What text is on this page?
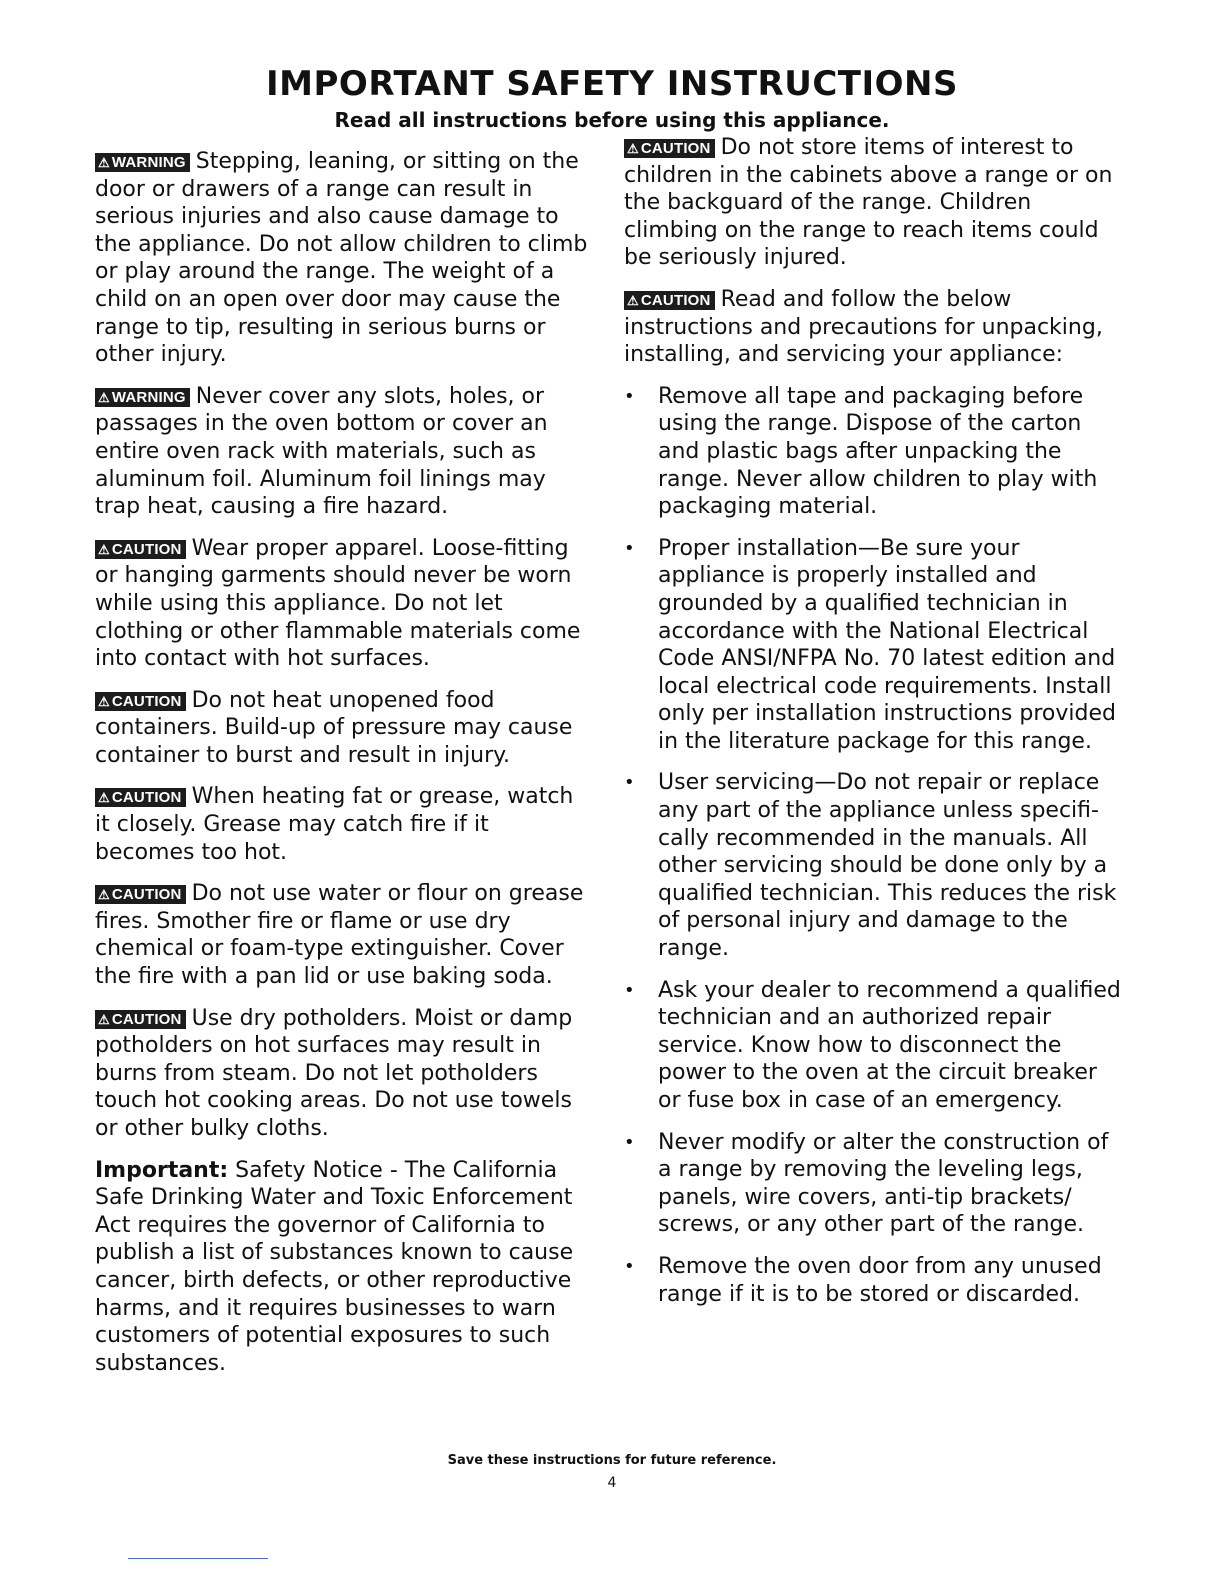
IMPORTANT SAFETY INSTRUCTIONS
Read all instructions before using this appliance.

⚠ WARNING Stepping, leaning, or sitting on the door or drawers of a range can result in serious injuries and also cause damage to the appliance. Do not allow children to climb or play around the range. The weight of a child on an open over door may cause the range to tip, resulting in serious burns or other injury.

⚠ WARNING Never cover any slots, holes, or passages in the oven bottom or cover an entire oven rack with materials, such as aluminum foil. Aluminum foil linings may trap heat, causing a fire hazard.

⚠ CAUTION Wear proper apparel. Loose-fitting or hanging garments should never be worn while using this appliance. Do not let clothing or other flammable materials come into contact with hot surfaces.

⚠ CAUTION Do not heat unopened food containers. Build-up of pressure may cause container to burst and result in injury.

⚠ CAUTION When heating fat or grease, watch it closely. Grease may catch fire if it becomes too hot.

⚠ CAUTION Do not use water or flour on grease fires. Smother fire or flame or use dry chemical or foam-type extinguisher. Cover the fire with a pan lid or use baking soda.

⚠ CAUTION Use dry potholders. Moist or damp potholders on hot surfaces may result in burns from steam. Do not let potholders touch hot cooking areas. Do not use towels or other bulky cloths.

Important: Safety Notice - The California Safe Drinking Water and Toxic Enforcement Act requires the governor of California to publish a list of substances known to cause cancer, birth defects, or other reproductive harms, and it requires businesses to warn customers of potential exposures to such substances.

⚠ CAUTION Do not store items of interest to children in the cabinets above a range or on the backguard of the range. Children climbing on the range to reach items could be seriously injured.

⚠ CAUTION Read and follow the below instructions and precautions for unpacking, installing, and servicing your appliance:

• Remove all tape and packaging before using the range. Dispose of the carton and plastic bags after unpacking the range. Never allow children to play with packaging material.
• Proper installation—Be sure your appliance is properly installed and grounded by a qualified technician in accordance with the National Electrical Code ANSI/NFPA No. 70 latest edition and local electrical code requirements. Install only per installation instructions provided in the literature package for this range.
• User servicing—Do not repair or replace any part of the appliance unless specifi-cally recommended in the manuals. All other servicing should be done only by a qualified technician. This reduces the risk of personal injury and damage to the range.
• Ask your dealer to recommend a qualified technician and an authorized repair service. Know how to disconnect the power to the oven at the circuit breaker or fuse box in case of an emergency.
• Never modify or alter the construction of a range by removing the leveling legs, panels, wire covers, anti-tip brackets/ screws, or any other part of the range.
• Remove the oven door from any unused range if it is to be stored or discarded.
Save these instructions for future reference.
4
